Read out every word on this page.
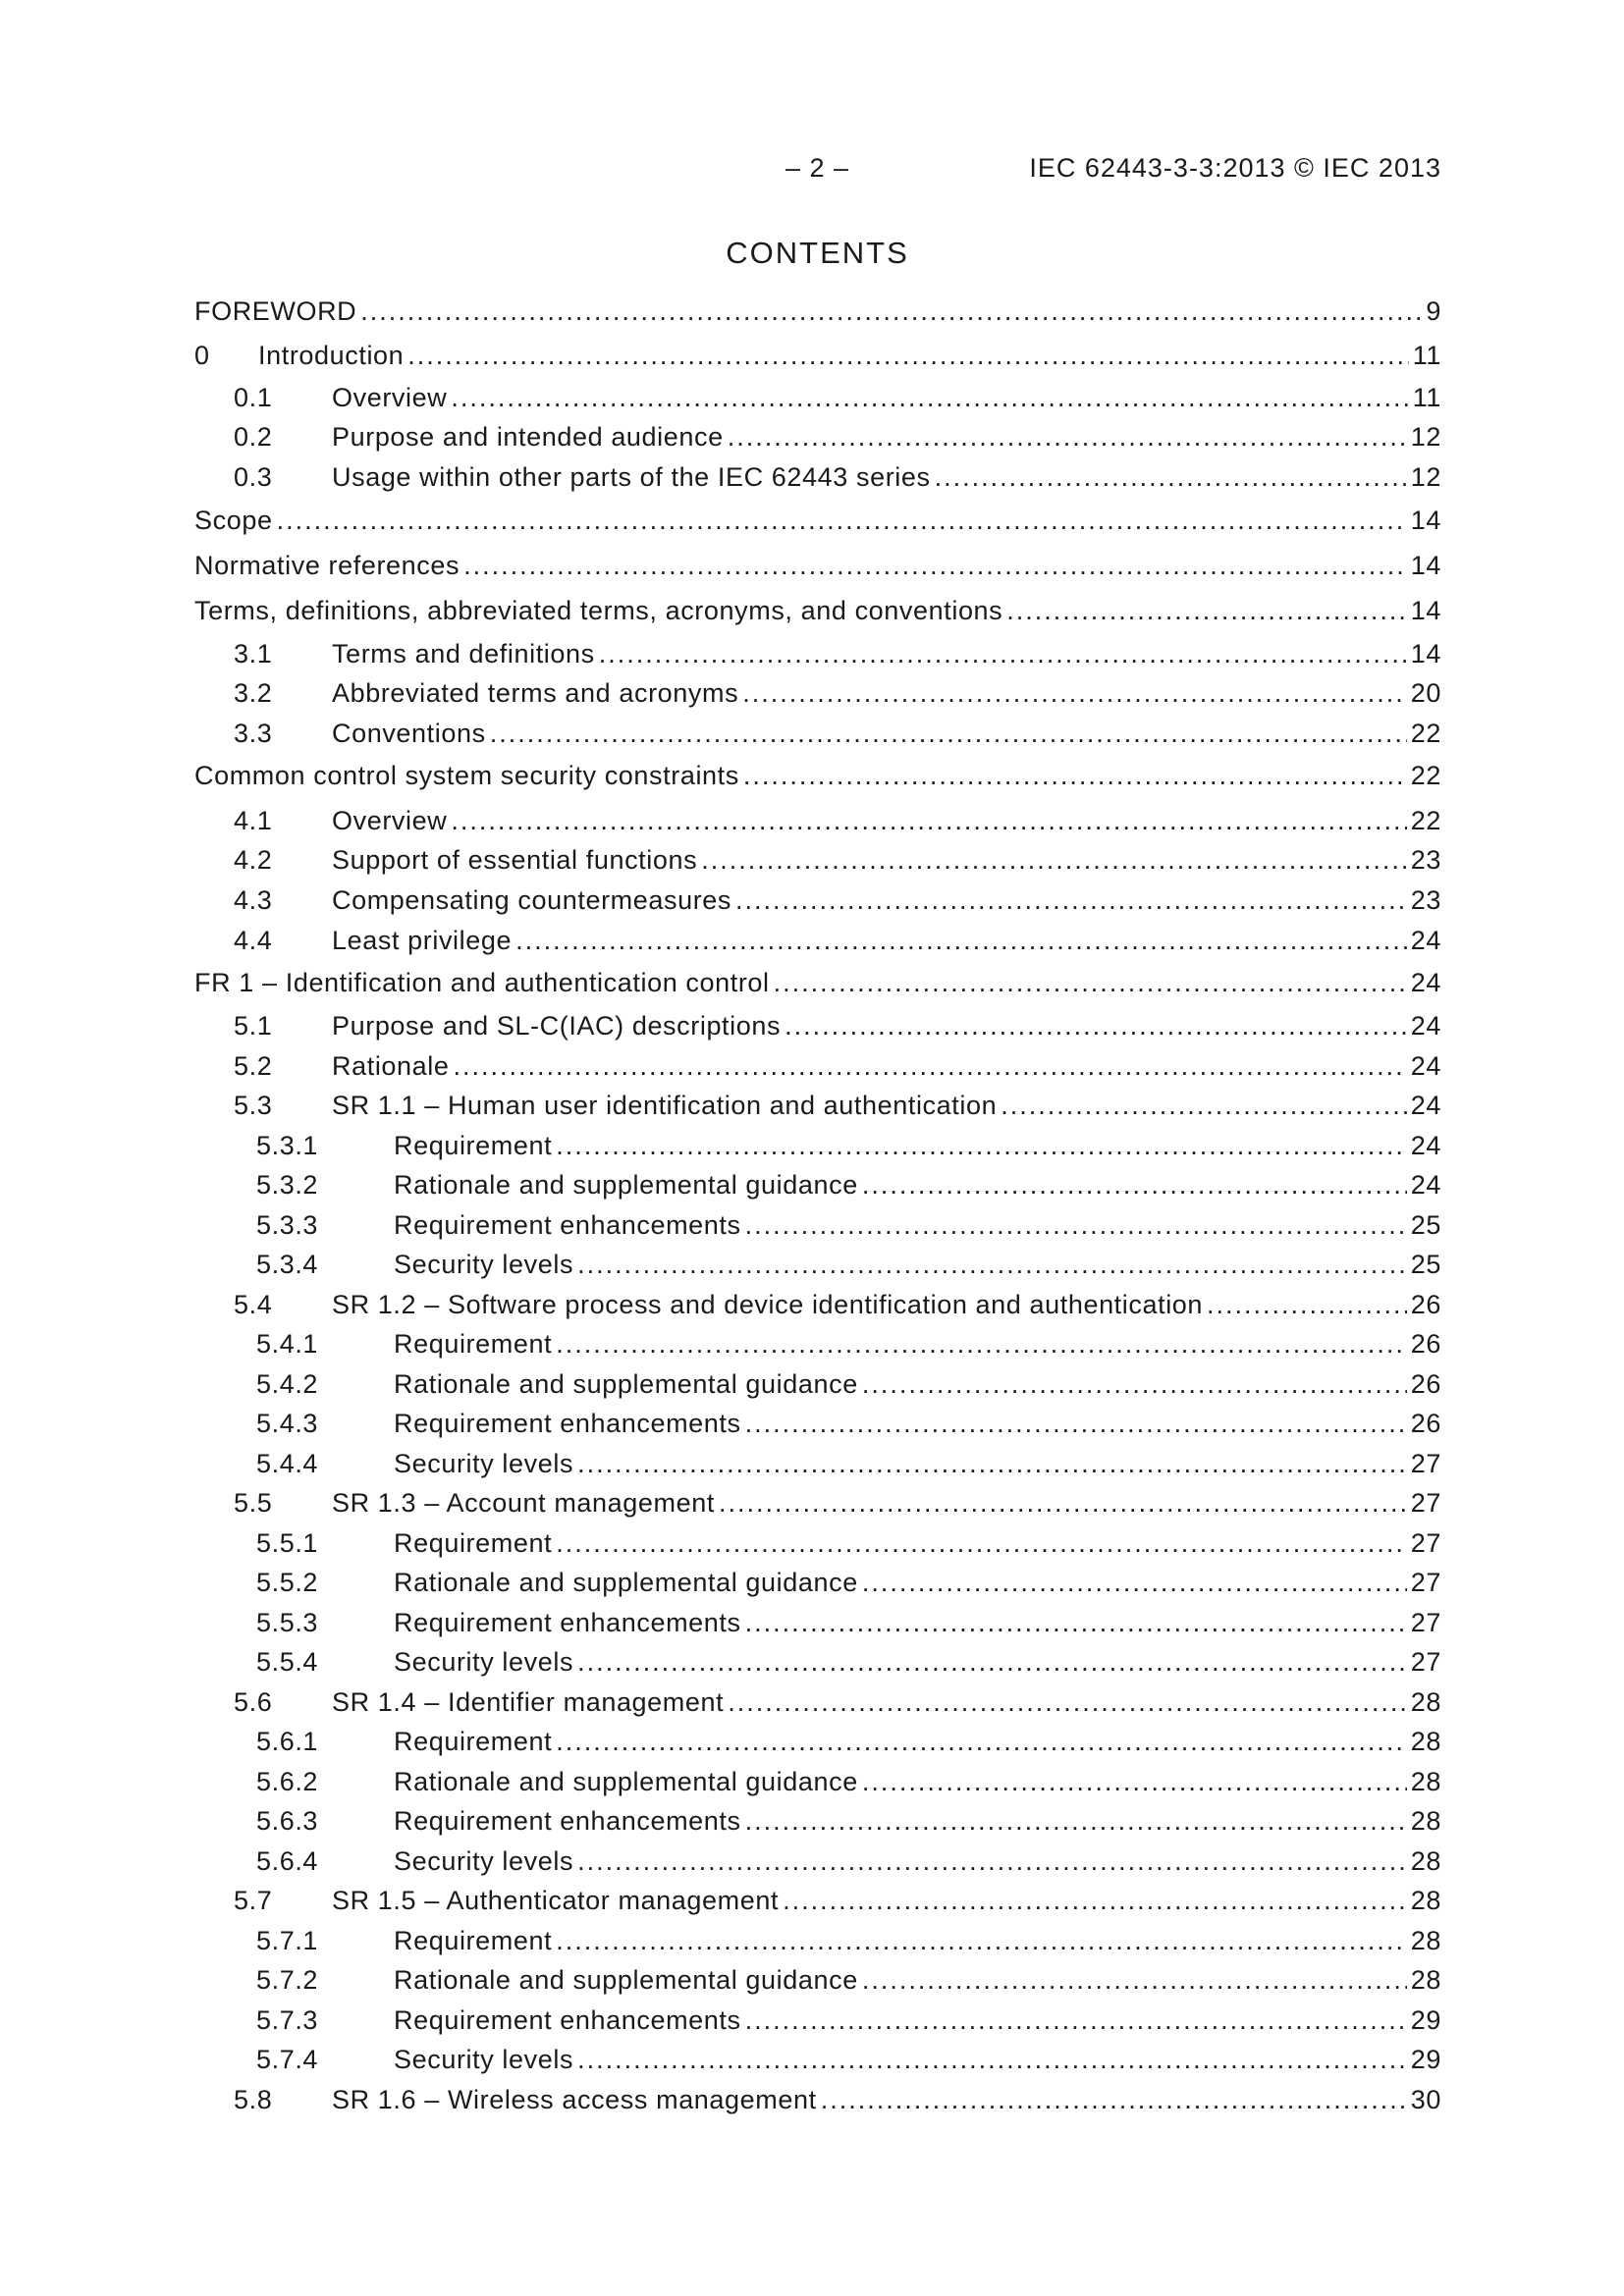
– 2 –	IEC 62443-3-3:2013 © IEC 2013
CONTENTS
FOREWORD .....	9
0	Introduction .....	11
0.1	Overview .....	11
0.2	Purpose and intended audience .....	12
0.3	Usage within other parts of the IEC 62443 series .....	12
Scope .....	14
Normative references .....	14
Terms, definitions, abbreviated terms, acronyms, and conventions .....	14
3.1	Terms and definitions .....	14
3.2	Abbreviated terms and acronyms .....	20
3.3	Conventions .....	22
Common control system security constraints .....	22
4.1	Overview .....	22
4.2	Support of essential functions .....	23
4.3	Compensating countermeasures .....	23
4.4	Least privilege .....	24
FR 1 – Identification and authentication control .....	24
5.1	Purpose and SL-C(IAC) descriptions .....	24
5.2	Rationale .....	24
5.3	SR 1.1 – Human user identification and authentication .....	24
5.3.1	Requirement .....	24
5.3.2	Rationale and supplemental guidance .....	24
5.3.3	Requirement enhancements .....	25
5.3.4	Security levels .....	25
5.4	SR 1.2 – Software process and device identification and authentication .....	26
5.4.1	Requirement .....	26
5.4.2	Rationale and supplemental guidance .....	26
5.4.3	Requirement enhancements .....	26
5.4.4	Security levels .....	27
5.5	SR 1.3 – Account management .....	27
5.5.1	Requirement .....	27
5.5.2	Rationale and supplemental guidance .....	27
5.5.3	Requirement enhancements .....	27
5.5.4	Security levels .....	27
5.6	SR 1.4 – Identifier management .....	28
5.6.1	Requirement .....	28
5.6.2	Rationale and supplemental guidance .....	28
5.6.3	Requirement enhancements .....	28
5.6.4	Security levels .....	28
5.7	SR 1.5 – Authenticator management .....	28
5.7.1	Requirement .....	28
5.7.2	Rationale and supplemental guidance .....	28
5.7.3	Requirement enhancements .....	29
5.7.4	Security levels .....	29
5.8	SR 1.6 – Wireless access management .....	30
